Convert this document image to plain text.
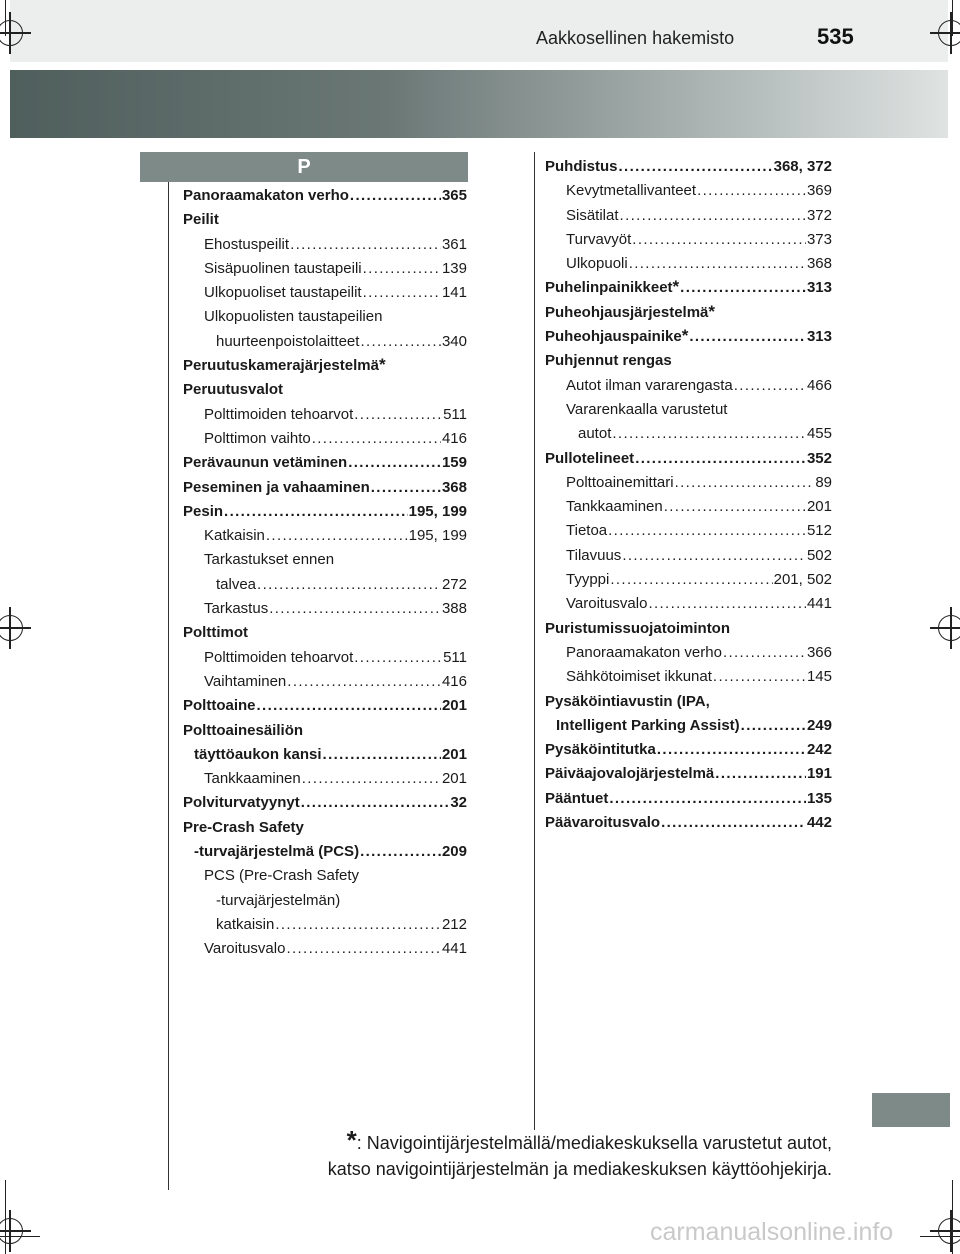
Aakkosellinen hakemisto	535
P
Panoraamakaton verho . . .	365
Peilit
Ehostuspeilit . . .	361
Sisäpuolinen taustapeili . . .	139
Ulkopuoliset taustapeilit . . .	141
Ulkopuolisten taustapeilien
huurteenpoistolaitteet . . .	340
Peruutuskamerajärjestelmä *
Peruutusvalot
Polttimoiden tehoarvot . . .	511
Polttimon vaihto . . .	416
Perävaunun vetäminen . . .	159
Peseminen ja vahaaminen . . .	368
Pesin . . .	195, 199
Katkaisin . . .	195, 199
Tarkastukset ennen
talvea . . .	272
Tarkastus . . .	388
Polttimot
Polttimoiden tehoarvot . . .	511
Vaihtaminen . . .	416
Polttoaine . . .	201
Polttoainesäiliön
täyttöaukon kansi . . .	201
Tankkaaminen . . .	201
Polviturvatyynyt . . .	32
Pre-Crash Safety
-turvajärjestelmä (PCS) . . .	209
PCS (Pre-Crash Safety
-turvajärjestelmän)
katkaisin . . .	212
Varoitusvalo . . .	441
Puhdistus . . .	368, 372
Kevytmetallivanteet . . .	369
Sisätilat . . .	372
Turvavyöt . . .	373
Ulkopuoli . . .	368
Puhelinpainikkeet * . . .	313
Puheohjausjärjestelmä *
Puheohjauspainike * . . .	313
Puhjennut rengas
Autot ilman vararengasta . . .	466
Vararenkaalla varustetut
autot . . .	455
Pullotelineet . . .	352
Polttoainemittari . . .	89
Tankkaaminen . . .	201
Tietoa . . .	512
Tilavuus . . .	502
Tyyppi . . .	201, 502
Varoitusvalo . . .	441
Puristumissuojatoiminton
Panoraamakaton verho . . .	366
Sähkötoimiset ikkunat . . .	145
Pysäköintiavustin (IPA,
Intelligent Parking Assist) . . .	249
Pysäköintitutka . . .	242
Päiväajovalojärjestelmä . . .	191
Pääntuet . . .	135
Päävaroitusvalo . . .	442
*: Navigointijärjestelmällä/mediakeskuksella varustetut autot,
katso navigointijärjestelmän ja mediakeskuksen käyttöohjekirja.
carmanualsonline.info
